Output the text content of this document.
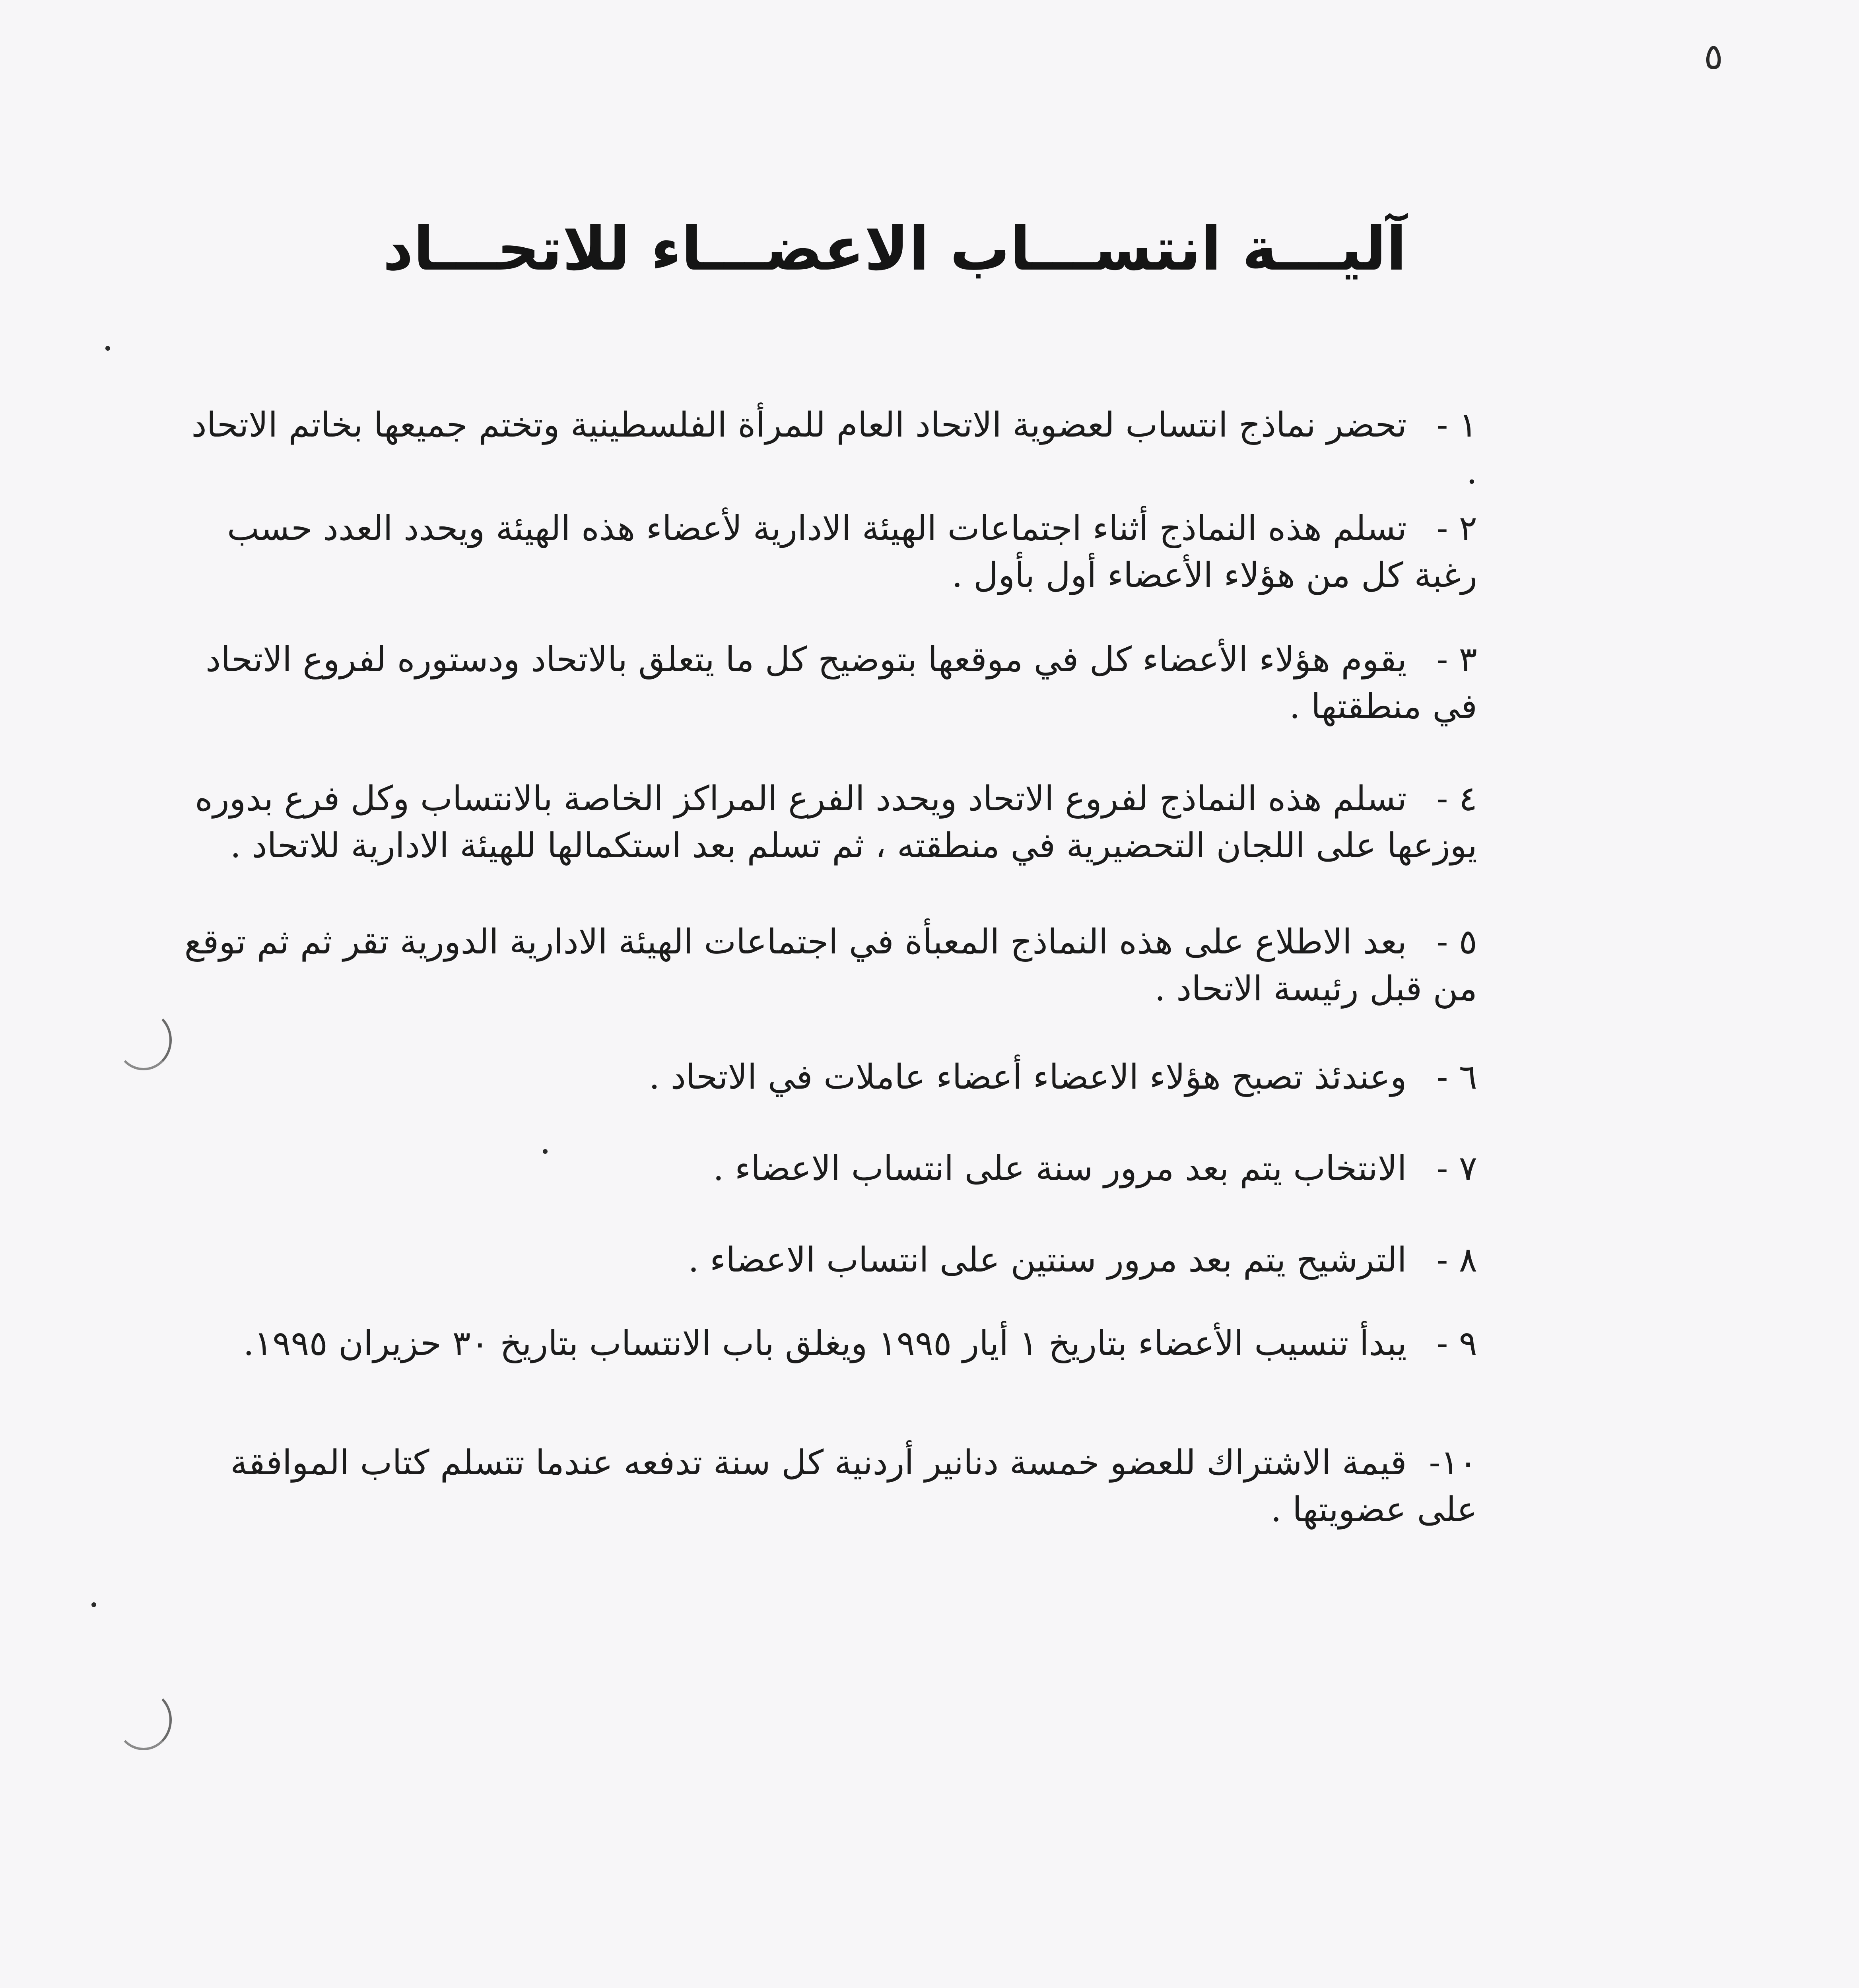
٥
آليـــة انتســـاب الاعضـــاء للاتحـــاد
١ - تحضر نماذج انتساب لعضوية الاتحاد العام للمرأة الفلسطينية وتختم جميعها بخاتم الاتحاد .
٢ - تسلم هذه النماذج أثناء اجتماعات الهيئة الادارية لأعضاء هذه الهيئة ويحدد العدد حسب رغبة كل من هؤلاء الأعضاء أول بأول .
٣ - يقوم هؤلاء الأعضاء كل في موقعها بتوضيح كل ما يتعلق بالاتحاد ودستوره لفروع الاتحاد في منطقتها .
٤ - تسلم هذه النماذج لفروع الاتحاد ويحدد الفرع المراكز الخاصة بالانتساب وكل فرع بدوره يوزعها على اللجان التحضيرية في منطقته ، ثم تسلم بعد استكمالها للهيئة الادارية للاتحاد .
٥ - بعد الاطلاع على هذه النماذج المعبأة في اجتماعات الهيئة الادارية الدورية تقر ثم ثم توقع من قبل رئيسة الاتحاد .
٦ - وعندئذ تصبح هؤلاء الاعضاء أعضاء عاملات في الاتحاد .
٧ - الانتخاب يتم بعد مرور سنة على انتساب الاعضاء .
٨ - الترشيح يتم بعد مرور سنتين على انتساب الاعضاء .
٩ - يبدأ تنسيب الأعضاء بتاريخ ١ أيار ١٩٩٥ ويغلق باب الانتساب بتاريخ ٣٠ حزيران ١٩٩٥.
١٠- قيمة الاشتراك للعضو خمسة دنانير أردنية كل سنة تدفعه عندما تتسلم كتاب الموافقة على عضويتها .
